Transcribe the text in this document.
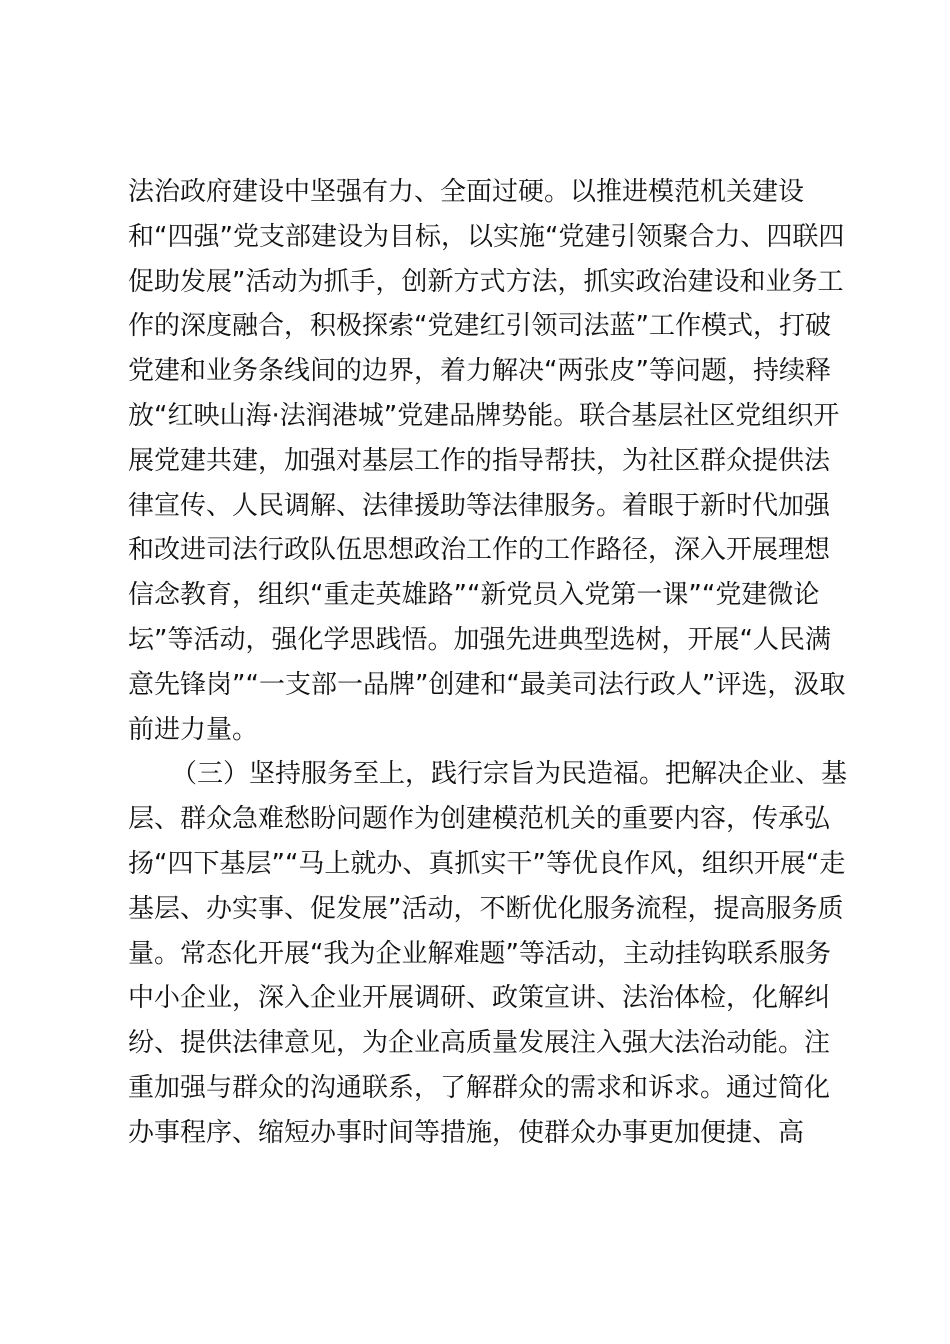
法治政府建设中坚强有力、全面过硬。以推进模范机关建设
和“四强”党支部建设为目标，以实施“党建引领聚合力、四联四
促助发展”活动为抓手，创新方式方法，抓实政治建设和业务工
作的深度融合，积极探索“党建红引领司法蓝”工作模式，打破
党建和业务条线间的边界，着力解决“两张皮”等问题，持续释
放“红映山海·法润港城”党建品牌势能。联合基层社区党组织开
展党建共建，加强对基层工作的指导帮扶，为社区群众提供法
律宣传、人民调解、法律援助等法律服务。着眼于新时代加强
和改进司法行政队伍思想政治工作的工作路径，深入开展理想
信念教育，组织“重走英雄路”“新党员入党第一课”“党建微论
坛”等活动，强化学思践悟。加强先进典型选树，开展“人民满
意先锋岗”“一支部一品牌”创建和“最美司法行政人”评选，汲取
前进力量。
（三）坚持服务至上，践行宗旨为民造福。把解决企业、基
层、群众急难愁盼问题作为创建模范机关的重要内容，传承弘
扬“四下基层”“马上就办、真抓实干”等优良作风，组织开展“走
基层、办实事、促发展”活动，不断优化服务流程，提高服务质
量。常态化开展“我为企业解难题”等活动，主动挂钩联系服务
中小企业，深入企业开展调研、政策宣讲、法治体检，化解纠
纷、提供法律意见，为企业高质量发展注入强大法治动能。注
重加强与群众的沟通联系，了解群众的需求和诉求。通过简化
办事程序、缩短办事时间等措施，使群众办事更加便捷、高
